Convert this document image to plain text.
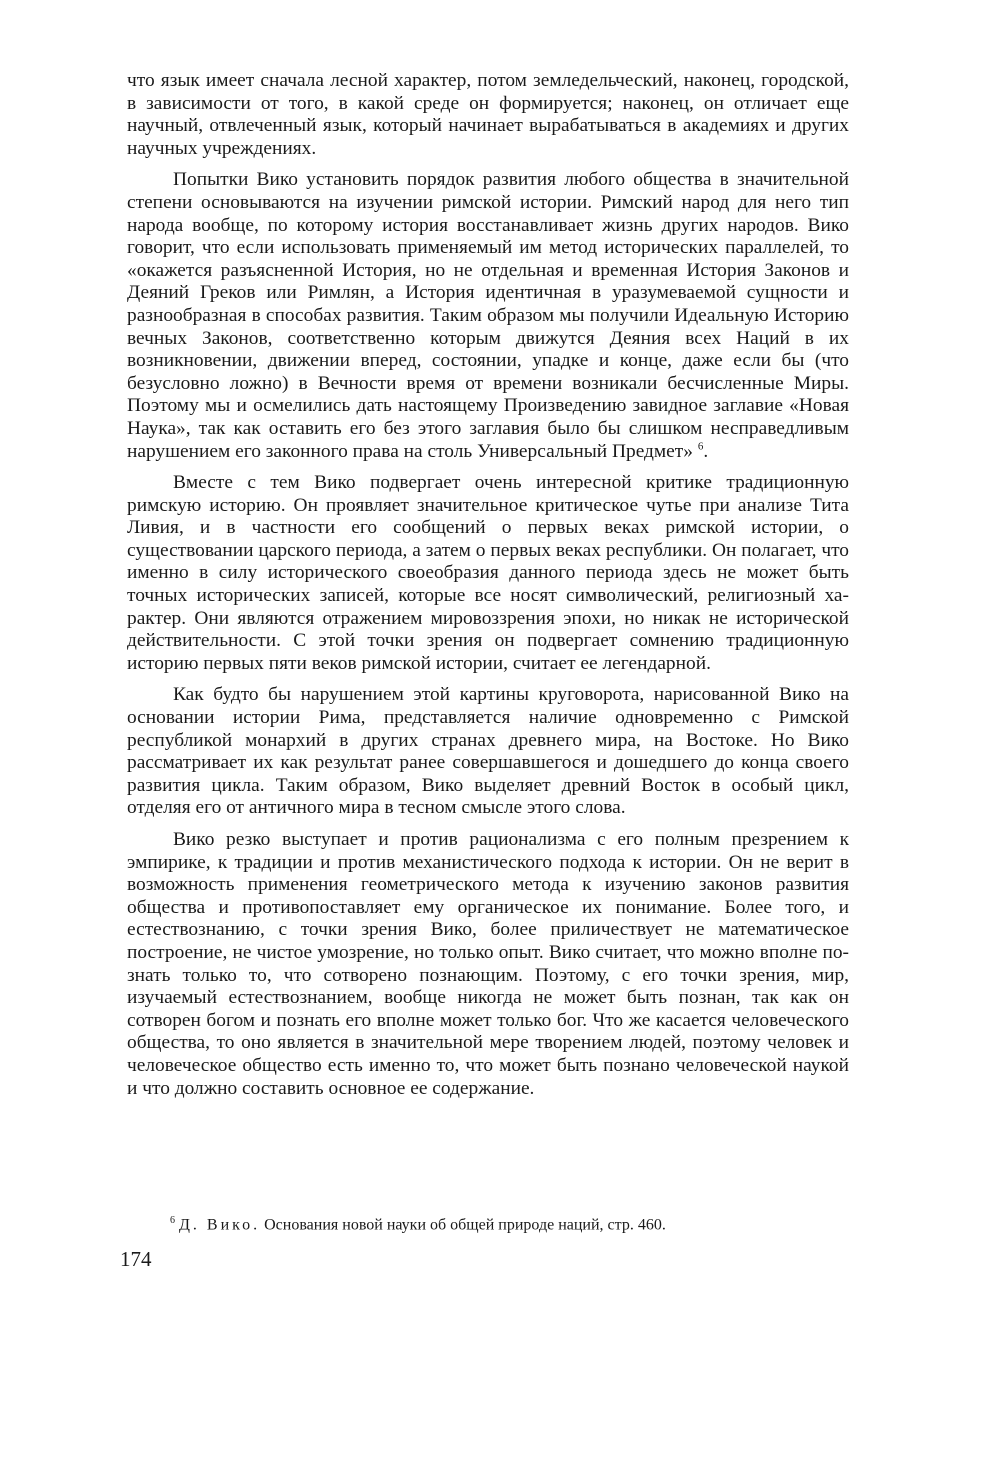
что язык имеет сначала лесной характер, потом земледельческий, наконец, городской, в зависимости от того, в какой среде он формируется; наконец, он отличает еще научный, отвлеченный язык, который начинает вырабатываться в академиях и других научных учреждениях.

Попытки Вико установить порядок развития любого общества в значительной степени основываются на изучении римской истории. Римский народ для него тип народа вообще, по которому история восстанавливает жизнь других народов. Вико говорит, что если использовать применяемый им метод исторических параллелей, то «окажется разъясненной История, но не отдельная и временная История Законов и Деяний Греков или Римлян, а История идентичная в уразумеваемой сущности и разнообразная в способах развития. Таким образом мы получили Идеальную Историю вечных Законов, соответственно которым движутся Деяния всех Наций в их возникновении, движении вперед, состоянии, упадке и конце, даже если бы (что безусловно ложно) в Вечности время от времени возникали бесчисленные Миры. Поэтому мы и осмелились дать настоящему Произведению завидное заглавие «Новая Наука», так как оставить его без этого заглавия было бы слишком несправедливым нарушением его законного права на столь Универсальный Предмет» $^6$.

Вместе с тем Вико подвергает очень интересной критике традиционную римскую историю. Он проявляет значительное критическое чутье при анализе Тита Ливия, и в частности его сообщений о первых веках римской истории, о существовании царского периода, а затем о первых веках республики. Он полагает, что именно в силу исторического своеобразия данного периода здесь не может быть точных исторических записей, которые все носят символический, религиозный характер. Они являются отражением мировоззрения эпохи, но никак не исторической действительности. С этой точки зрения он подвергает сомнению традиционную историю первых пяти веков римской истории, считает ее легендарной.

Как будто бы нарушением этой картины круговорота, нарисованной Вико на основании истории Рима, представляется наличие одновременно с Римской республикой монархий в других странах древнего мира, на Востоке. Но Вико рассматривает их как результат ранее совершавшегося и дошедшего до конца своего развития цикла. Таким образом, Вико выделяет древний Восток в особый цикл, отделяя его от античного мира в тесном смысле этого слова.

Вико резко выступает и против рационализма с его полным презрением к эмпирике, к традиции и против механистического подхода к истории. Он не верит в возможность применения геометрического метода к изучению законов развития общества и противопоставляет ему органическое их понимание. Более того, и естествознанию, с точки зрения Вико, более приличествует не математическое построение, не чистое умозрение, но только опыт. Вико считает, что можно вполне познать только то, что сотворено познающим. Поэтому, с его точки зрения, мир, изучаемый естествознанием, вообще никогда не может быть познан, так как он сотворен богом и познать его вполне может только бог. Что же касается человеческого общества, то оно является в значительной мере творением людей, поэтому человек и человеческое общество есть именно то, что может быть познано человеческой наукой и что должно составить основное ее содержание.

$^6$ Д. Вико. Основания новой науки об общей природе наций, стр. 460.
174
